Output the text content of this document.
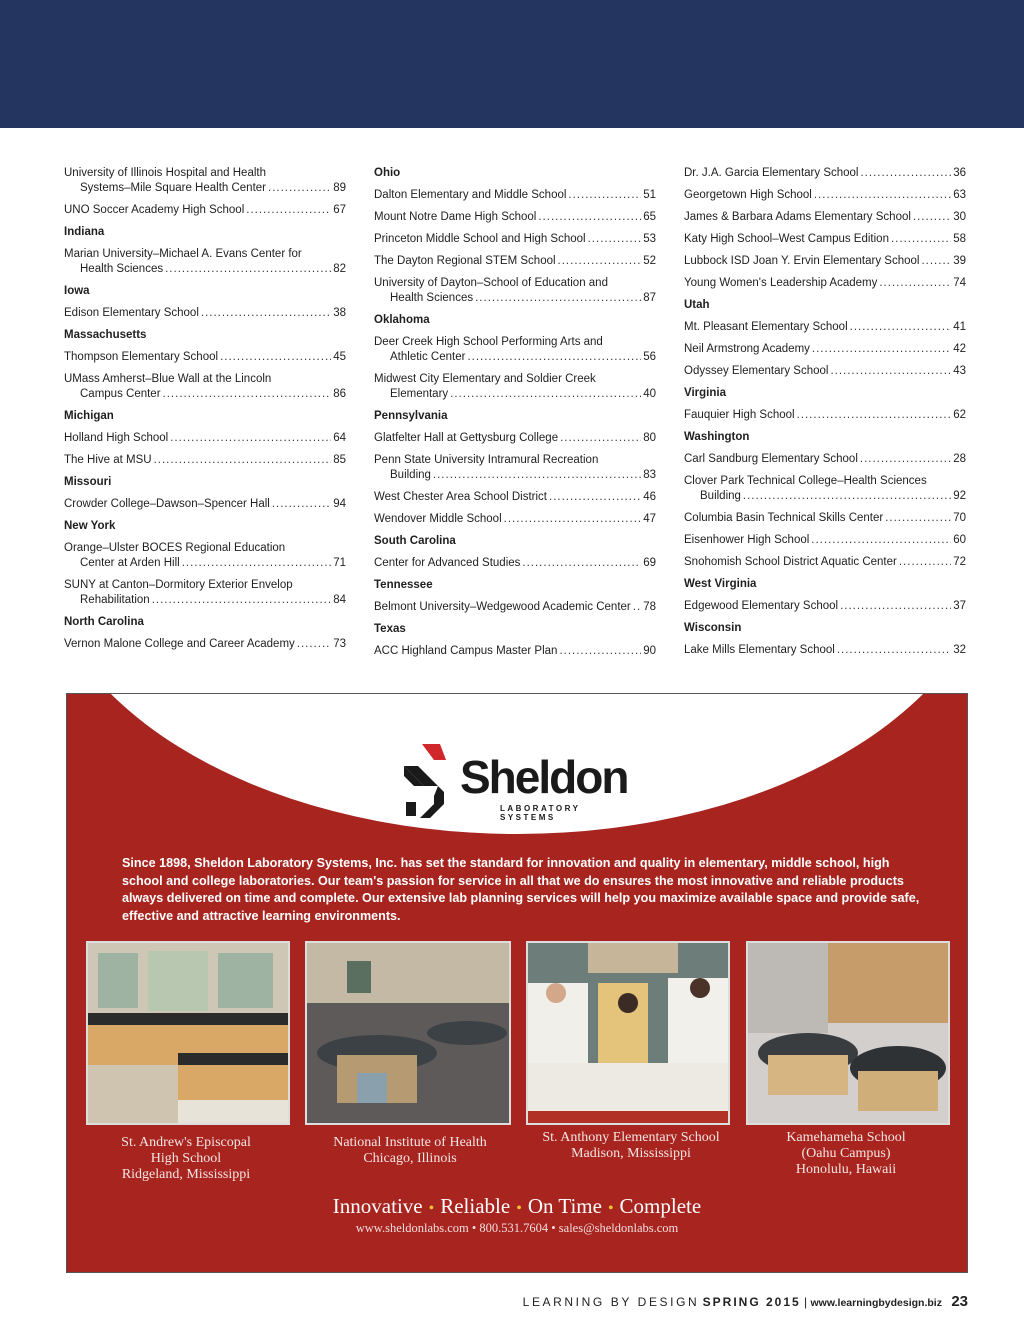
University of Illinois Hospital and Health
Systems–Mile Square Health Center .....	89
UNO Soccer Academy High School .....	67
Indiana
Marian University–Michael A. Evans Center for
Health Sciences .....	82
Iowa
Edison Elementary School .....	38
Massachusetts
Thompson Elementary School .....	45
UMass Amherst–Blue Wall at the Lincoln
Campus Center .....	86
Michigan
Holland High School .....	64
The Hive at MSU .....	85
Missouri
Crowder College–Dawson–Spencer Hall .....	94
New York
Orange–Ulster BOCES Regional Education
Center at Arden Hill .....	71
SUNY at Canton–Dormitory Exterior Envelop
Rehabilitation .....	84
North Carolina
Vernon Malone College and Career Academy .....	73
Ohio
Dalton Elementary and Middle School .....	51
Mount Notre Dame High School .....	65
Princeton Middle School and High School .....	53
The Dayton Regional STEM School .....	52
University of Dayton–School of Education and
Health Sciences .....	87
Oklahoma
Deer Creek High School Performing Arts and
Athletic Center .....	56
Midwest City Elementary and Soldier Creek
Elementary .....	40
Pennsylvania
Glatfelter Hall at Gettysburg College .....	80
Penn State University Intramural Recreation
Building .....	83
West Chester Area School District .....	46
Wendover Middle School .....	47
South Carolina
Center for Advanced Studies .....	69
Tennessee
Belmont University–Wedgewood Academic Center ..... 78
Texas
ACC Highland Campus Master Plan .....	90
Dr. J.A. Garcia Elementary School .....	36
Georgetown High School .....	63
James & Barbara Adams Elementary School .....	30
Katy High School–West Campus Edition .....	58
Lubbock ISD Joan Y. Ervin Elementary School .....	39
Young Women's Leadership Academy .....	74
Utah
Mt. Pleasant Elementary School .....	41
Neil Armstrong Academy .....	42
Odyssey Elementary School .....	43
Virginia
Fauquier High School .....	62
Washington
Carl Sandburg Elementary School .....	28
Clover Park Technical College–Health Sciences
Building .....	92
Columbia Basin Technical Skills Center .....	70
Eisenhower High School .....	60
Snohomish School District Aquatic Center .....	72
West Virginia
Edgewood Elementary School .....	37
Wisconsin
Lake Mills Elementary School .....	32
Sheldon
LABORATORY SYSTEMS
Since 1898, Sheldon Laboratory Systems, Inc. has set the standard for innovation and quality in elementary, middle school, high school and college laboratories. Our team's passion for service in all that we do ensures the most innovative and reliable products always delivered on time and complete. Our extensive lab planning services will help you maximize available space and provide safe, effective and attractive learning environments.
St. Andrew's Episcopal
High School
Ridgeland, Mississippi
National Institute of Health
Chicago, Illinois
St. Anthony Elementary School
Madison, Mississippi
Kamehameha School
(Oahu Campus)
Honolulu, Hawaii
Innovative • Reliable • On Time • Complete
www.sheldonlabs.com • 800.531.7604 • sales@sheldonlabs.com
LEARNING BY DESIGN SPRING 2015 | www.learningbydesign.biz 23
